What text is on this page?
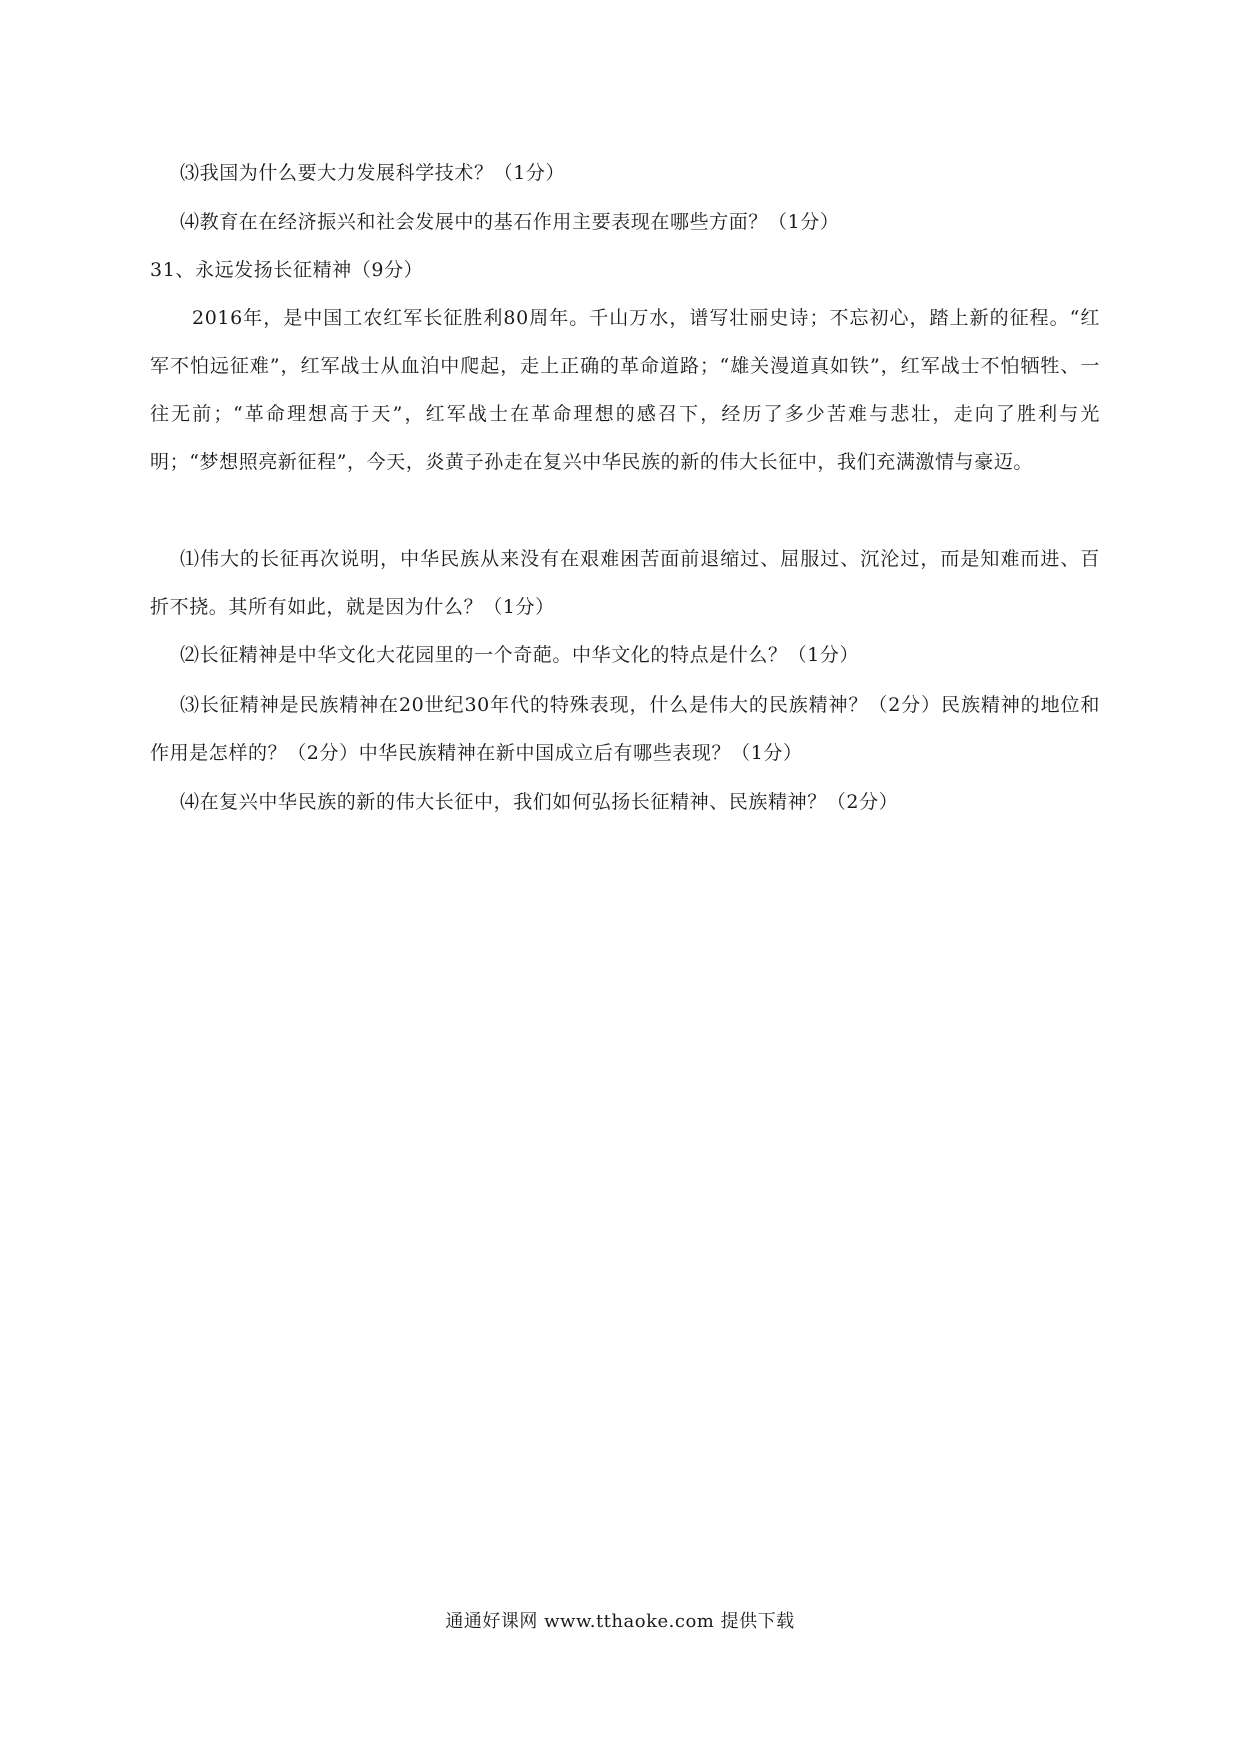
⑶我国为什么要大力发展科学技术？（1分）
⑷教育在在经济振兴和社会发展中的基石作用主要表现在哪些方面？（1分）
31、永远发扬长征精神（9分）
2016年，是中国工农红军长征胜利80周年。千山万水，谱写壮丽史诗；不忘初心，踏上新的征程。“红军不怕远征难”，红军战士从血泊中爬起，走上正确的革命道路；“雄关漫道真如铁”，红军战士不怕牺牲、一往无前；“革命理想高于天”，红军战士在革命理想的感召下，经历了多少苦难与悲壮，走向了胜利与光明；“梦想照亮新征程”，今天，炎黄子孙走在复兴中华民族的新的伟大长征中，我们充满激情与豪迈。
⑴伟大的长征再次说明，中华民族从来没有在艰难困苦面前退缩过、屈服过、沉沦过，而是知难而进、百折不挠。其所有如此，就是因为什么？（1分）
⑵长征精神是中华文化大花园里的一个奇葩。中华文化的特点是什么？（1分）
⑶长征精神是民族精神在20世纪30年代的特殊表现，什么是伟大的民族精神？（2分）民族精神的地位和作用是怎样的？（2分）中华民族精神在新中国成立后有哪些表现？（1分）
⑷在复兴中华民族的新的伟大长征中，我们如何弘扬长征精神、民族精神？（2分）
通通好课网 www.tthaoke.com 提供下载
